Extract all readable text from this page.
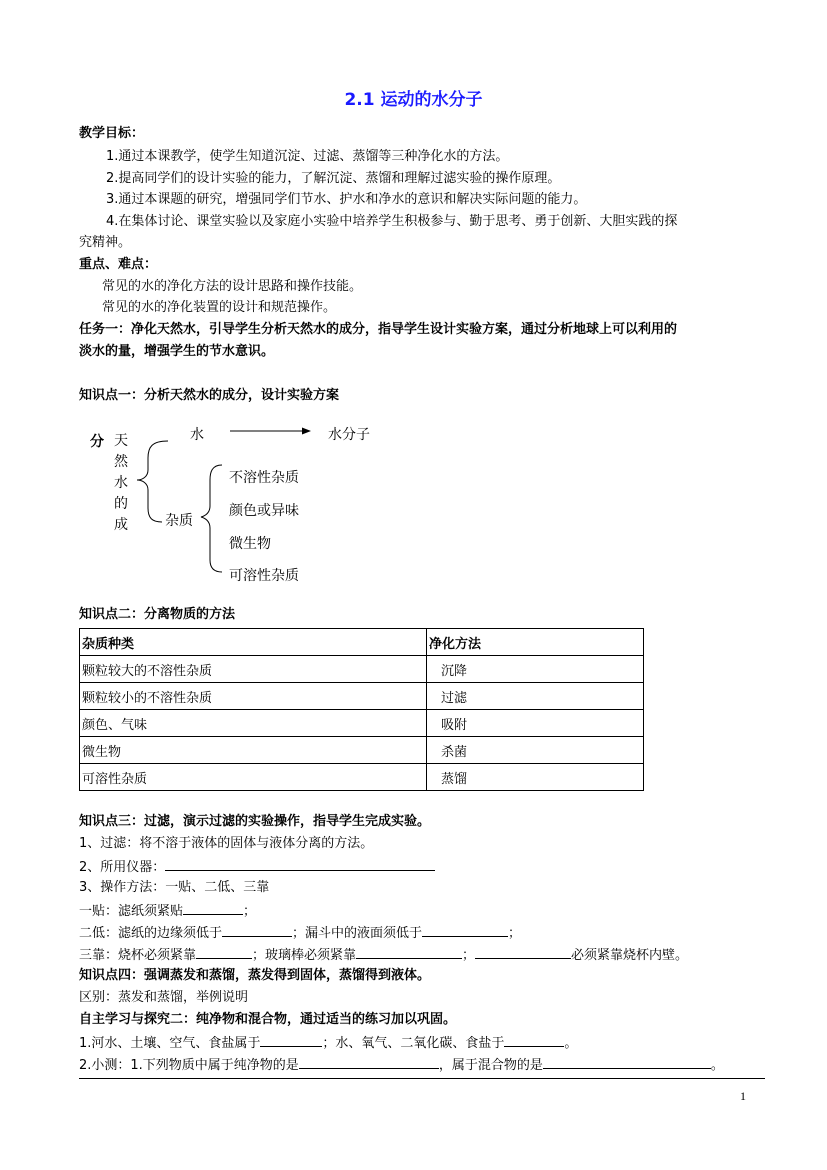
2.1 运动的水分子
教学目标：
1.通过本课教学，使学生知道沉淀、过滤、蒸馏等三种净化水的方法。
2.提高同学们的设计实验的能力，了解沉淀、蒸馏和理解过滤实验的操作原理。
3.通过本课题的研究，增强同学们节水、护水和净水的意识和解决实际问题的能力。
4.在集体讨论、课堂实验以及家庭小实验中培养学生积极参与、勤于思考、勇于创新、大胆实践的探
究精神。
重点、难点：
常见的水的净化方法的设计思路和操作技能。
常见的水的净化装置的设计和规范操作。
任务一：净化天然水，引导学生分析天然水的成分，指导学生设计实验方案，通过分析地球上可以利用的
淡水的量，增强学生的节水意识。
知识点一：分析天然水的成分，设计实验方案
分 天
然
水
的
成
水	水分子
杂质
不溶性杂质
颜色或异味
微生物
可溶性杂质
知识点二：分离物质的方法
杂质种类	净化方法
颗粒较大的不溶性杂质	沉降
颗粒较小的不溶性杂质	过滤
颜色、气味	吸附
微生物	杀菌
可溶性杂质	蒸馏
知识点三：过滤，演示过滤的实验操作，指导学生完成实验。
1、过滤：将不溶于液体的固体与液体分离的方法。
2、所用仪器：
3、操作方法：一贴、二低、三靠
一贴：滤纸须紧贴	；
二低：滤纸的边缘须低于	；漏斗中的液面须低于	；
三靠：烧杯必须紧靠	；玻璃棒必须紧靠	；	必须紧靠烧杯内壁。
知识点四：强调蒸发和蒸馏，蒸发得到固体，蒸馏得到液体。
区别：蒸发和蒸馏，举例说明
自主学习与探究二：纯净物和混合物，通过适当的练习加以巩固。
1.河水、土壤、空气、食盐属于	；水、氧气、二氧化碳、食盐于	。
2.小测：1.下列物质中属于纯净物的是	，属于混合物的是	。
1
